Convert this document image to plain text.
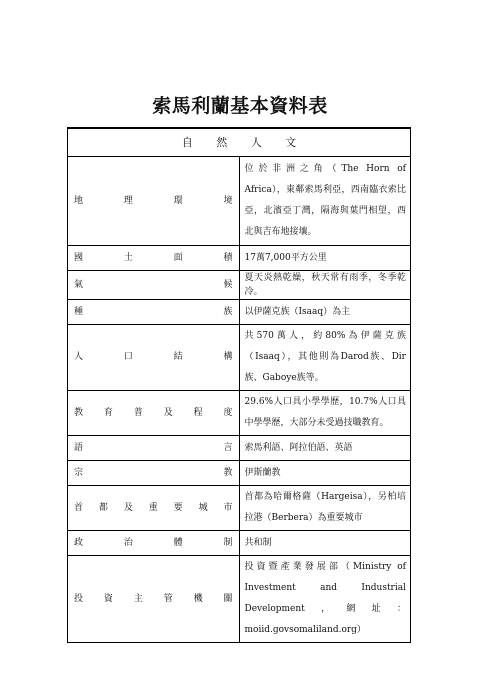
索馬利蘭基本資料表
自 然 人 文	
地理環境	位於非洲之角（The Horn of Africa），東鄰索馬利亞，西南臨衣索比亞，北濱亞丁灣，隔海與葉門相望，西北與吉布地接壤。
國土面積	17萬7,000平方公里
氣候	夏天炎熱乾燥，秋天常有雨季，冬季乾冷。
種族	以伊薩克族（Isaaq）為主
人口結構	共570萬人，約80%為伊薩克族（Isaaq），其他則為Darod族、Dir族、Gaboye族等。
教育普及程度	29.6%人口具小學學歷，10.7%人口具中學學歷，大部分未受過技職教育。
語言	索馬利語、阿拉伯語、英語
宗教	伊斯蘭教
首都及重要城市	首都為哈爾格薩（Hargeisa），另柏培拉港（Berbera）為重要城市
政治體制	共和制
投資主管機關	投資暨產業發展部（Ministry of Investment and Industrial Development，網址：moiid.govsomaliland.org）
